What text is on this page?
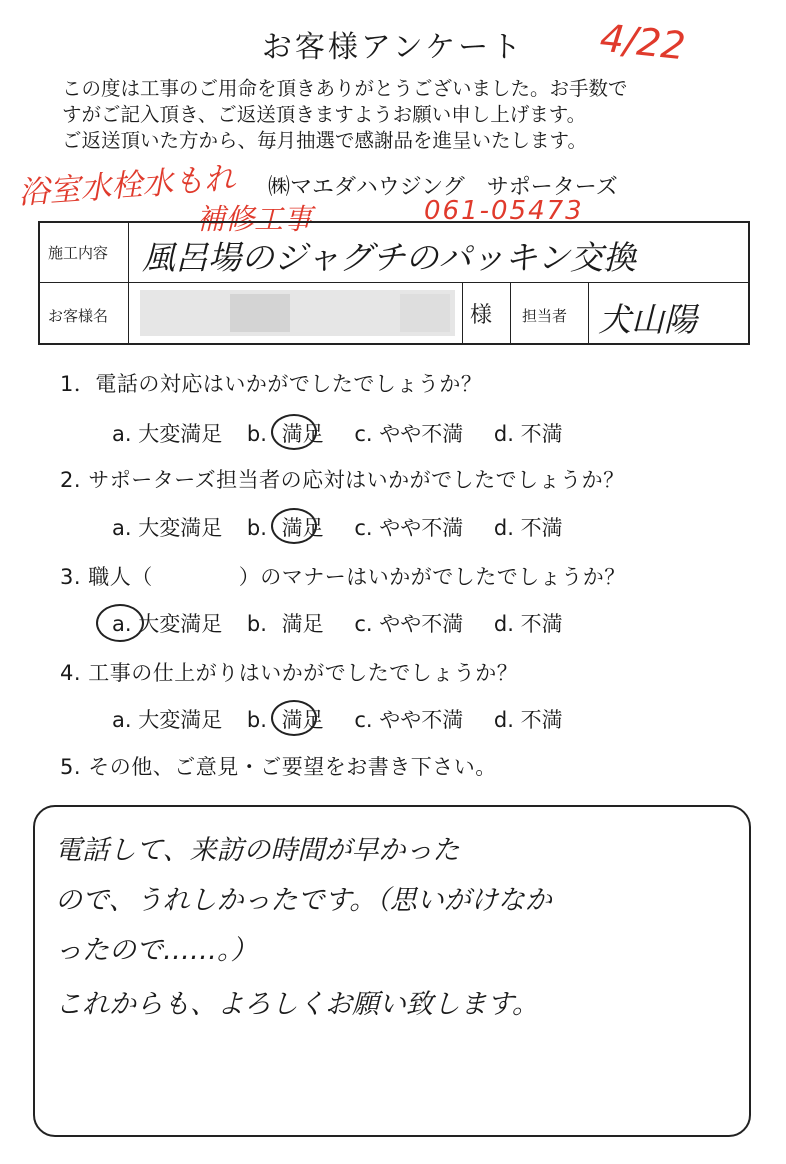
お客様アンケート	4/22
この度は工事のご用命を頂きありがとうございました。お手数で
すがご記入頂き、ご返送頂きますようお願い申し上げます。
ご返送頂いた方から、毎月抽選で感謝品を進呈いたします。
浴室水栓水もれ
補修工事	061-05473
㈱マエダハウジング　サポーターズ
施工内容 風呂場のジャグチのパッキン交換
お客様名	様 担当者 犬山陽
1．電話の対応はいかがでしたでしょうか？
2. サポーターズ担当者の応対はいかがでしたでしょうか？
3. 職人（　　　　）のマナーはいかがでしたでしょうか？
4. 工事の仕上がりはいかがでしたでしょうか？
a. 大変満足 b. 満足 c. やや不満 d. 不満
a. 大変満足 b. 満足 c. やや不満 d. 不満
a. 大変満足 b. 満足 c. やや不満 d. 不満
a. 大変満足 b. 満足 c. やや不満 d. 不満
5. その他、ご意見・ご要望をお書き下さい。
電話して、来訪の時間が早かった
ので、うれしかったです。（思いがけなか
ったので……。）
これからも、よろしくお願い致します。
